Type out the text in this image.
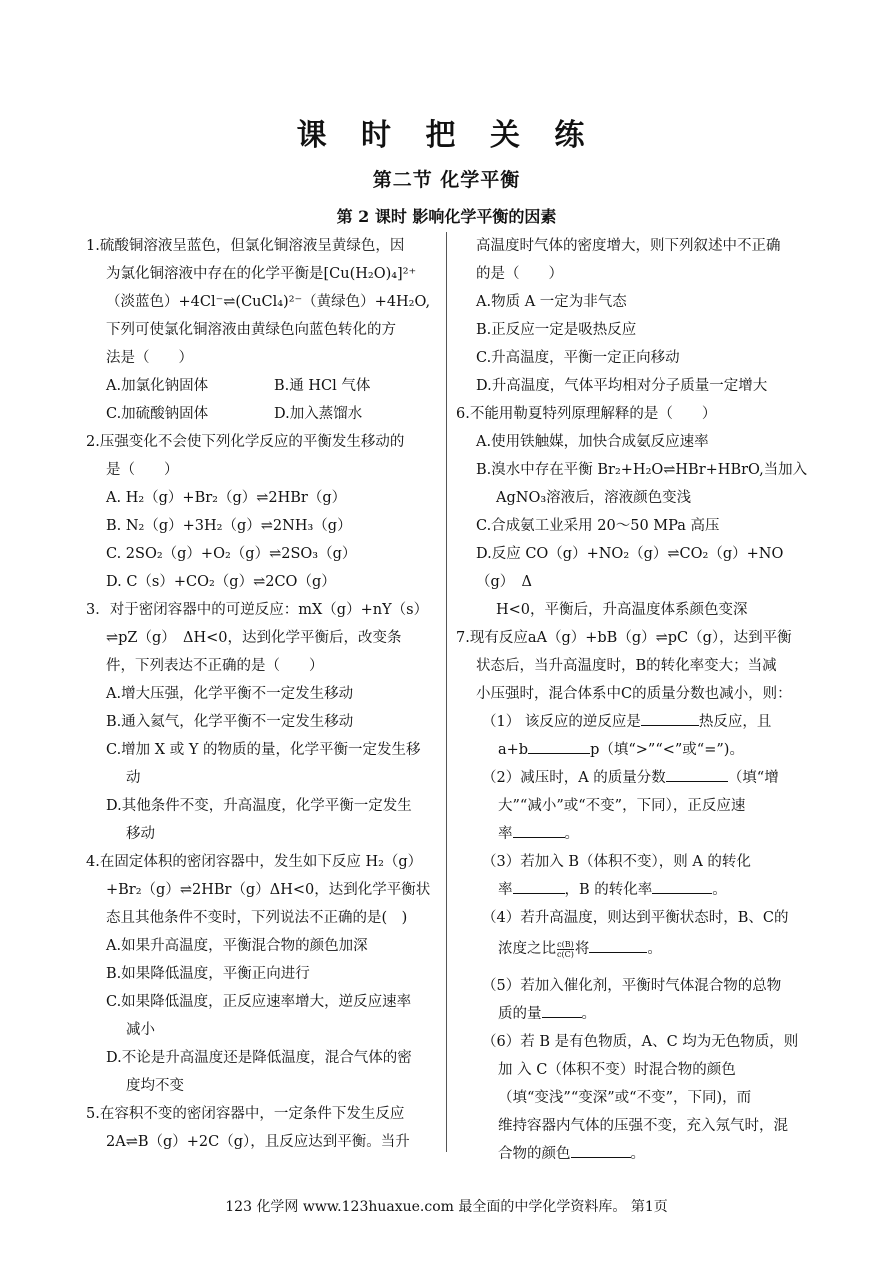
课 时 把 关 练
第二节 化学平衡
第 2 课时 影响化学平衡的因素
1.硫酸铜溶液呈蓝色，但氯化铜溶液呈黄绿色，因
为氯化铜溶液中存在的化学平衡是[Cu(H₂O)₄]²⁺
（淡蓝色）+4Cl⁻⇌(CuCl₄)²⁻（黄绿色）+4H₂O,
下列可使氯化铜溶液由黄绿色向蓝色转化的方
法是（　　）
A.加氯化钠固体	B.通 HCl 气体
C.加硫酸钠固体	D.加入蒸馏水
2.压强变化不会使下列化学反应的平衡发生移动的
是（　　）
A. H₂（g）+Br₂（g）⇌2HBr（g）
B. N₂（g）+3H₂（g）⇌2NH₃（g）
C. 2SO₂（g）+O₂（g）⇌2SO₃（g）
D. C（s）+CO₂（g）⇌2CO（g）
3．对于密闭容器中的可逆反应：mX（g）+nY（s）
⇌pZ（g）　ΔH<0，达到化学平衡后，改变条
件，下列表达不正确的是（　　）
A.增大压强，化学平衡不一定发生移动
B.通入氦气，化学平衡不一定发生移动
C.增加 X 或 Y 的物质的量，化学平衡一定发生移
动
D.其他条件不变，升高温度，化学平衡一定发生
移动
4.在固定体积的密闭容器中，发生如下反应 H₂（g）
+Br₂（g）⇌2HBr（g）ΔH<0，达到化学平衡状
态且其他条件不变时，下列说法不正确的是(　)
A.如果升高温度，平衡混合物的颜色加深
B.如果降低温度，平衡正向进行
C.如果降低温度，正反应速率增大，逆反应速率
减小
D.不论是升高温度还是降低温度，混合气体的密
度均不变
5.在容积不变的密闭容器中，一定条件下发生反应
2A⇌B（g）+2C（g），且反应达到平衡。当升
高温度时气体的密度增大，则下列叙述中不正确
的是（　　）
A.物质 A 一定为非气态
B.正反应一定是吸热反应
C.升高温度，平衡一定正向移动
D.升高温度，气体平均相对分子质量一定增大
6.不能用勒夏特列原理解释的是（　　）
A.使用铁触媒，加快合成氨反应速率
B.溴水中存在平衡 Br₂+H₂O⇌HBr+HBrO,当加入
AgNO₃溶液后，溶液颜色变浅
C.合成氨工业采用 20～50 MPa 高压
D.反应 CO（g）+NO₂（g）⇌CO₂（g）+NO（g）　Δ
H<0，平衡后，升高温度体系颜色变深
7.现有反应aA（g）+bB（g）⇌pC（g），达到平衡
状态后，当升高温度时，B的转化率变大；当减
小压强时，混合体系中C的质量分数也减小，则：
（1） 该反应的逆反应是	热反应，且
a+b	p（填“>”“<”或“=”)。
（2）减压时，A 的质量分数	（填“增
大”“减小”或“不变”，下同），正反应速
率	。
（3）若加入 B（体积不变），则 A 的转化
率	，B 的转化率	。
（4）若升高温度，则达到平衡状态时，B、C的
浓度之比 $\frac{c(B)}{c(C)}$ 将	。
（5）若加入催化剂，平衡时气体混合物的总物
质的量	。
（6）若 B 是有色物质，A、C 均为无色物质，则
加 入 C（体积不变）时混合物的颜色
（填“变浅”“变深”或“不变”，下同)，而
维持容器内气体的压强不变，充入氖气时，混
合物的颜色	。
123 化学网 www.123huaxue.com 最全面的中学化学资料库。 第1页
